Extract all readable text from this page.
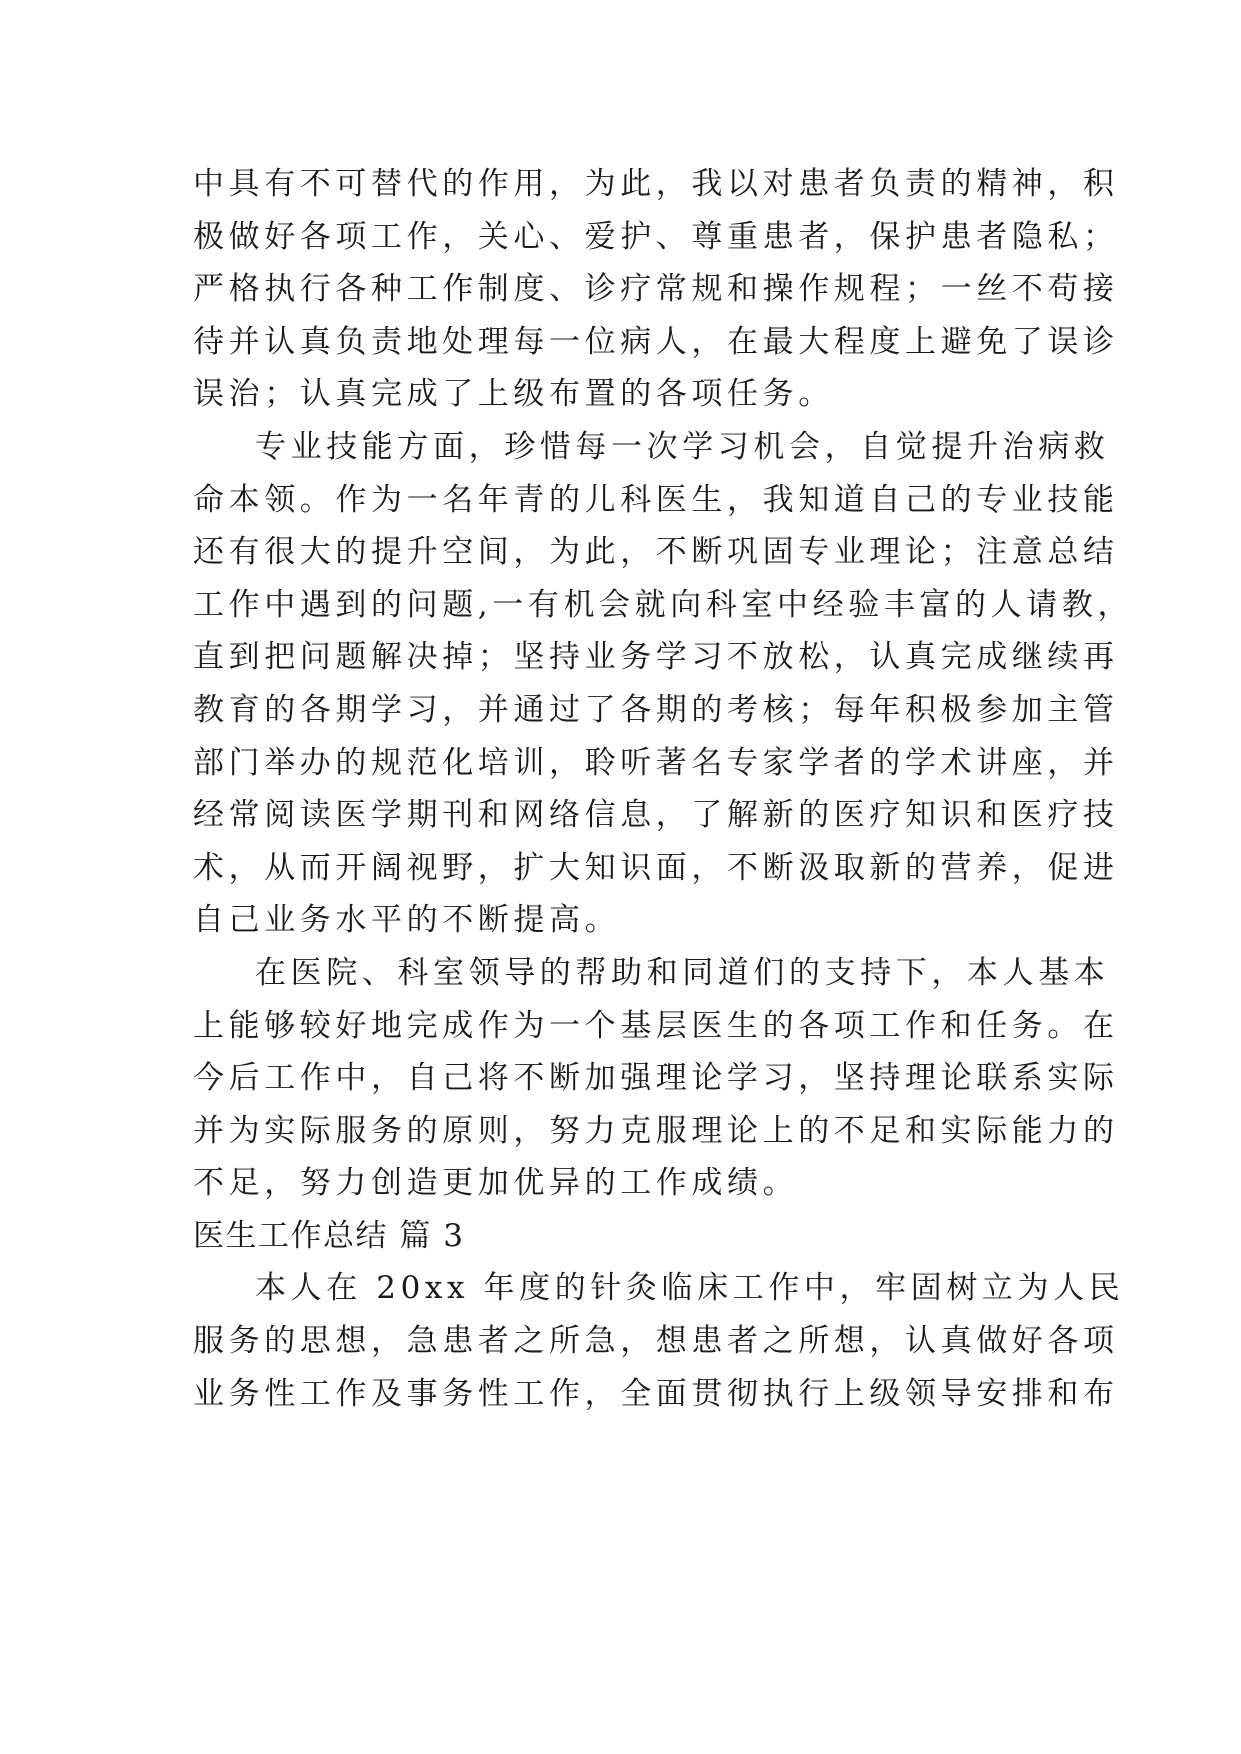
中具有不可替代的作用，为此，我以对患者负责的精神，积
极做好各项工作，关心、爱护、尊重患者，保护患者隐私；
严格执行各种工作制度、诊疗常规和操作规程；一丝不苟接
待并认真负责地处理每一位病人，在最大程度上避免了误诊
误治；认真完成了上级布置的各项任务。
专业技能方面，珍惜每一次学习机会，自觉提升治病救
命本领。作为一名年青的儿科医生，我知道自己的专业技能
还有很大的提升空间，为此，不断巩固专业理论；注意总结
工作中遇到的问题,一有机会就向科室中经验丰富的人请教，
直到把问题解决掉；坚持业务学习不放松，认真完成继续再
教育的各期学习，并通过了各期的考核；每年积极参加主管
部门举办的规范化培训，聆听著名专家学者的学术讲座，并
经常阅读医学期刊和网络信息，了解新的医疗知识和医疗技
术，从而开阔视野，扩大知识面，不断汲取新的营养，促进
自己业务水平的不断提高。
在医院、科室领导的帮助和同道们的支持下，本人基本
上能够较好地完成作为一个基层医生的各项工作和任务。在
今后工作中，自己将不断加强理论学习，坚持理论联系实际
并为实际服务的原则，努力克服理论上的不足和实际能力的
不足，努力创造更加优异的工作成绩。
医生工作总结 篇 3
本人在 20xx 年度的针灸临床工作中，牢固树立为人民
服务的思想，急患者之所急，想患者之所想，认真做好各项
业务性工作及事务性工作，全面贯彻执行上级领导安排和布
